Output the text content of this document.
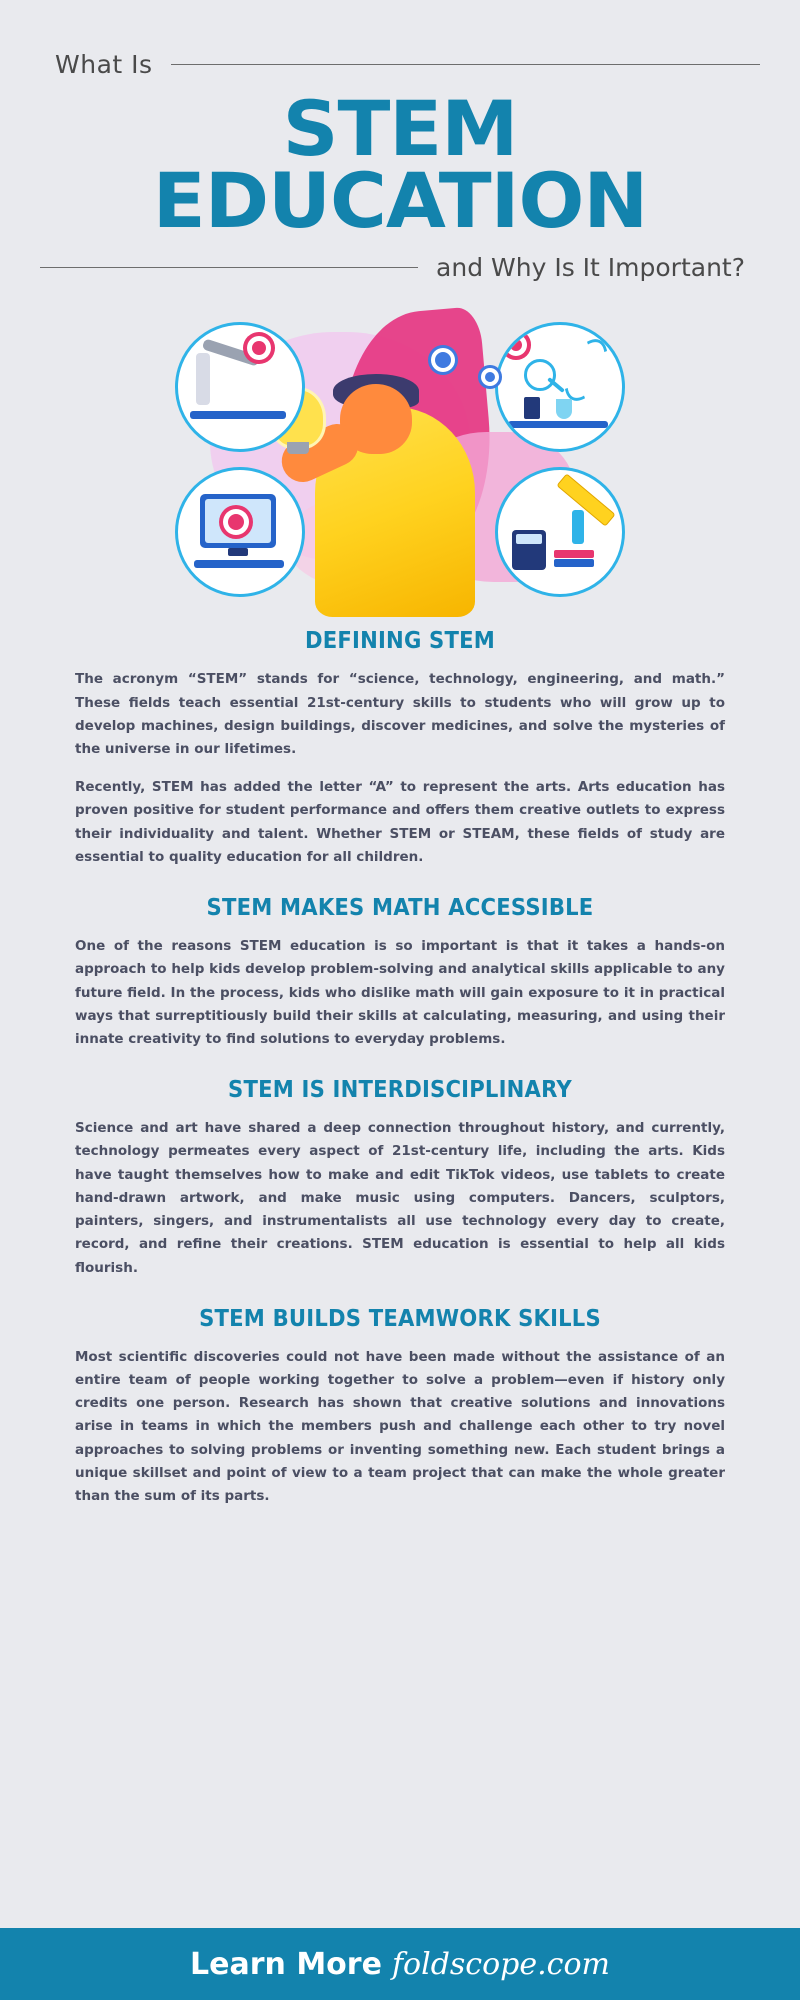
What Is
STEM EDUCATION
and Why Is It Important?
DEFINING STEM

The acronym “STEM” stands for “science, technology, engineering, and math.” These fields teach essential 21st-century skills to students who will grow up to develop machines, design buildings, discover medicines, and solve the mysteries of the universe in our lifetimes.

Recently, STEM has added the letter “A” to represent the arts. Arts education has proven positive for student performance and offers them creative outlets to express their individuality and talent. Whether STEM or STEAM, these fields of study are essential to quality education for all children.

STEM MAKES MATH ACCESSIBLE

One of the reasons STEM education is so important is that it takes a hands-on approach to help kids develop problem-solving and analytical skills applicable to any future field. In the process, kids who dislike math will gain exposure to it in practical ways that surreptitiously build their skills at calculating, measuring, and using their innate creativity to find solutions to everyday problems.

STEM IS INTERDISCIPLINARY

Science and art have shared a deep connection throughout history, and currently, technology permeates every aspect of 21st-century life, including the arts. Kids have taught themselves how to make and edit TikTok videos, use tablets to create hand-drawn artwork, and make music using computers. Dancers, sculptors, painters, singers, and instrumentalists all use technology every day to create, record, and refine their creations. STEM education is essential to help all kids flourish.

STEM BUILDS TEAMWORK SKILLS

Most scientific discoveries could not have been made without the assistance of an entire team of people working together to solve a problem—even if history only credits one person. Research has shown that creative solutions and innovations arise in teams in which the members push and challenge each other to try novel approaches to solving problems or inventing something new. Each student brings a unique skillset and point of view to a team project that can make the whole greater than the sum of its parts.

Learn More foldscope.com
